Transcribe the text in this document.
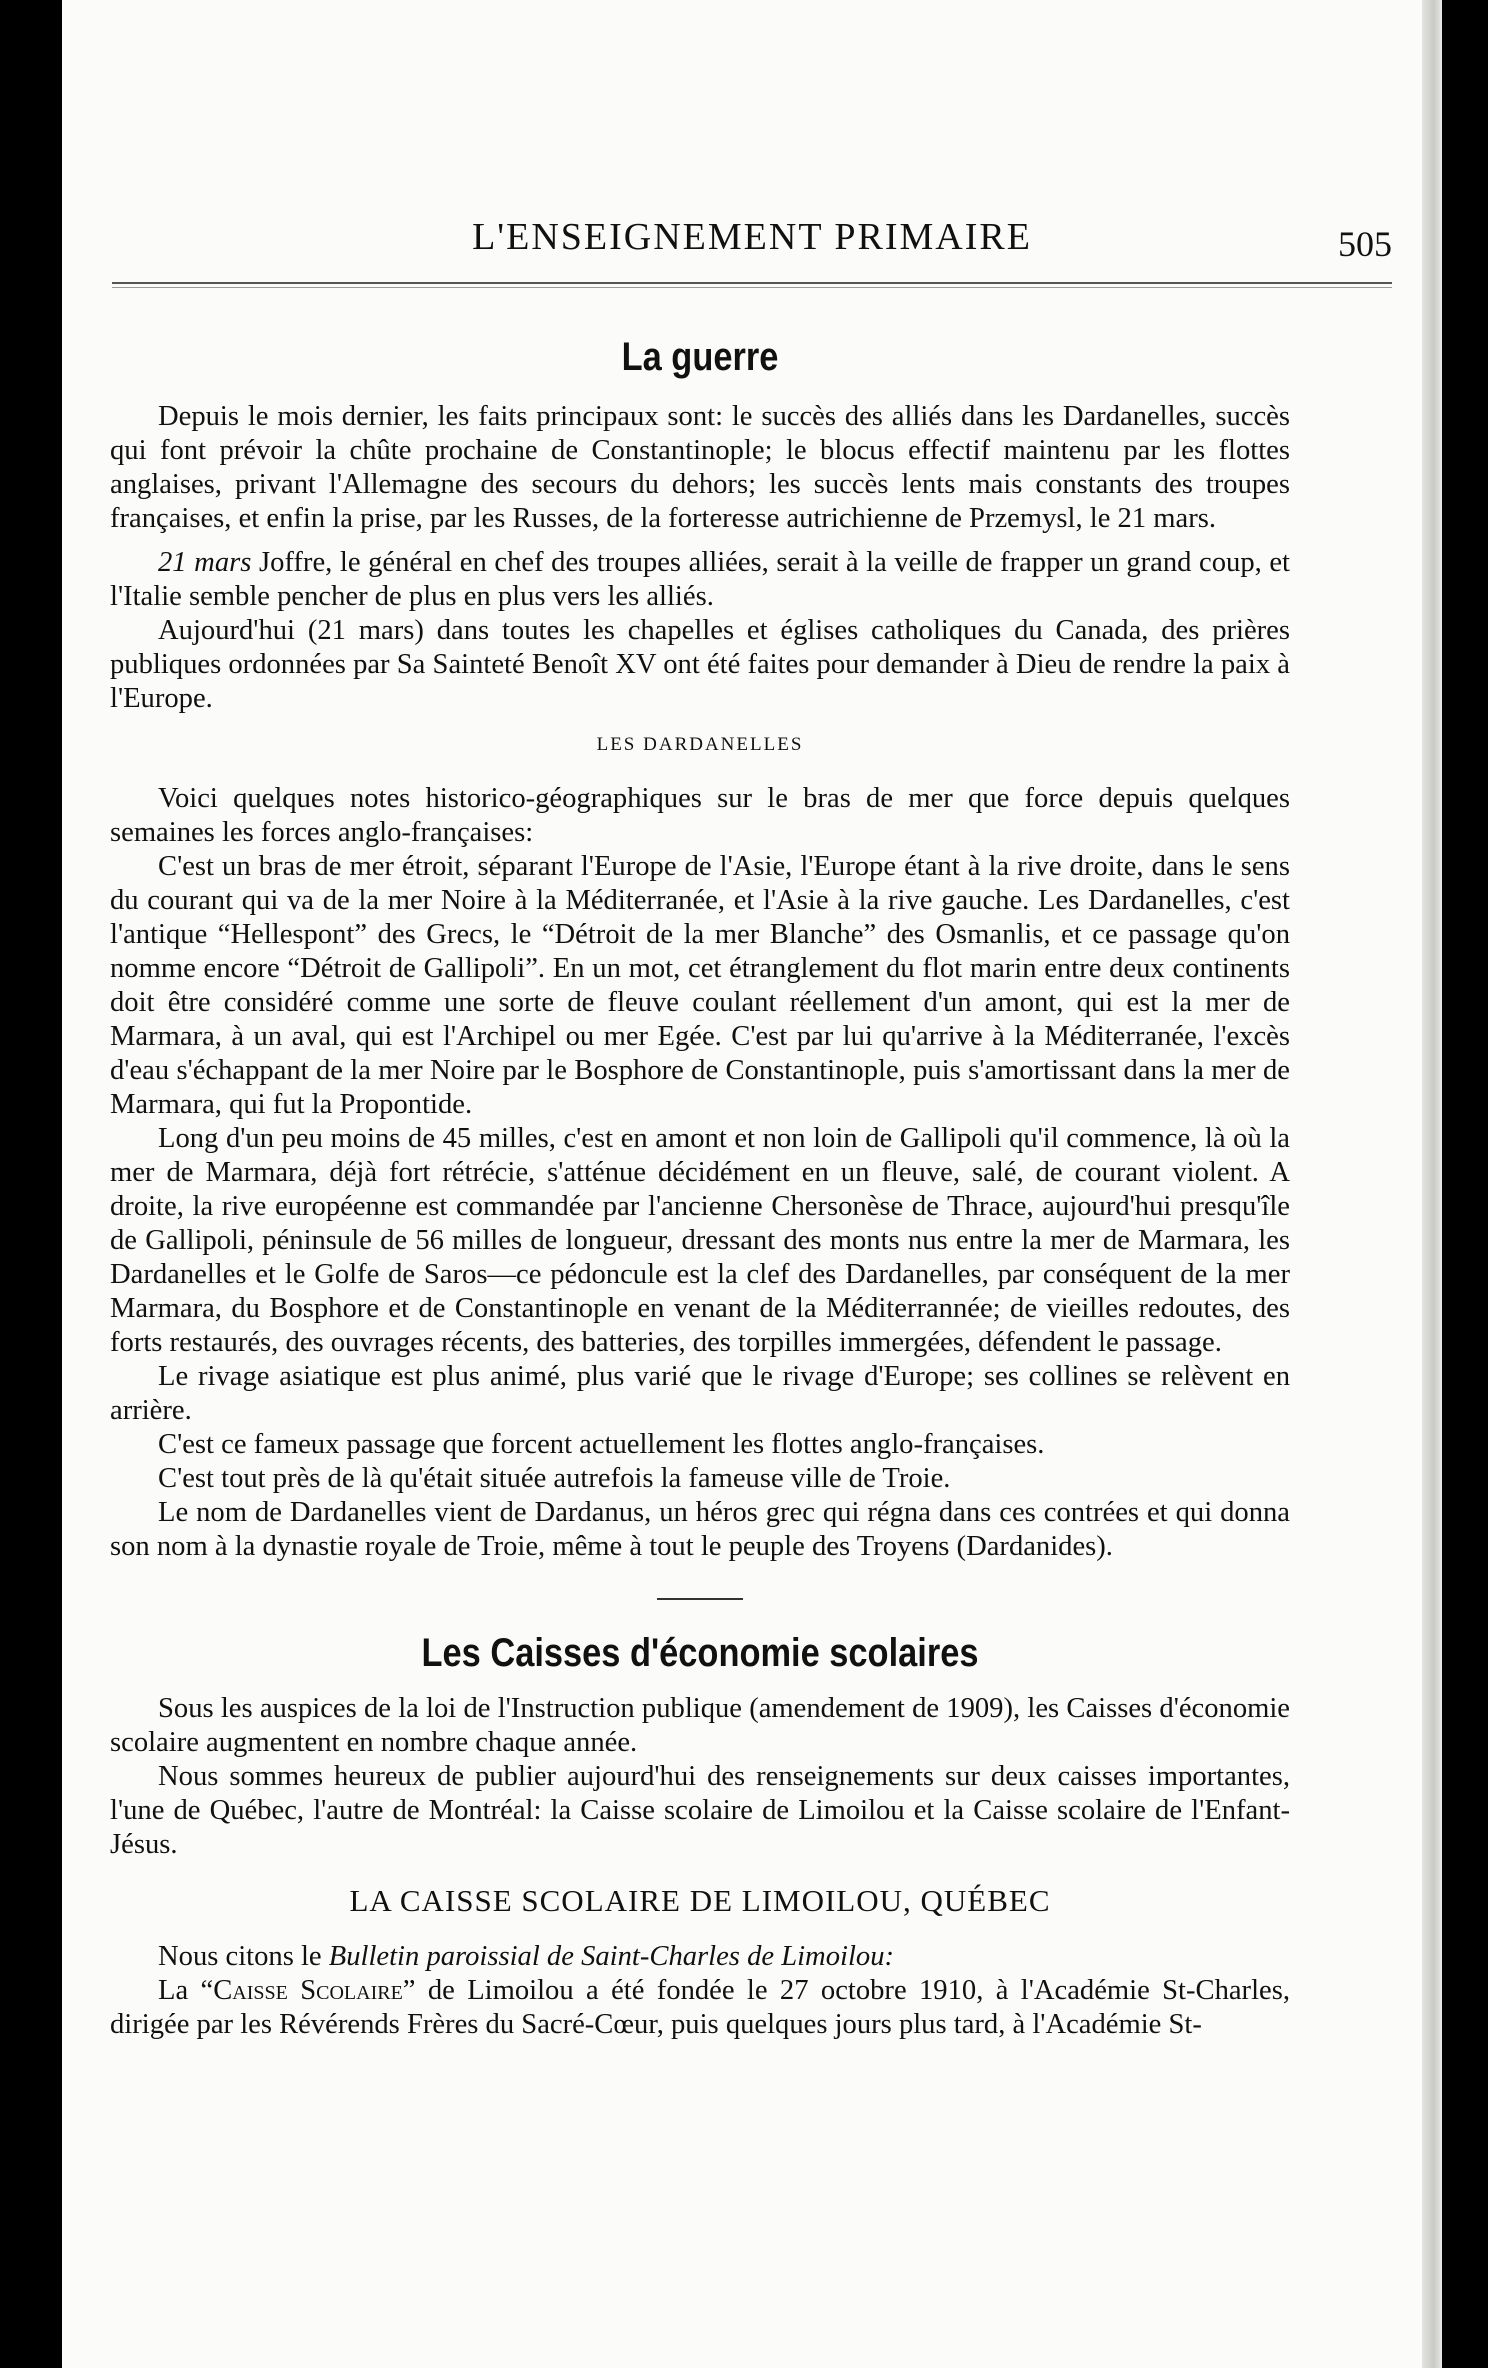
L'ENSEIGNEMENT PRIMAIRE	505
La guerre

Depuis le mois dernier, les faits principaux sont: le succès des alliés dans les Dardanelles, succès qui font prévoir la chûte prochaine de Constantinople; le blocus effectif maintenu par les flottes anglaises, privant l'Allemagne des secours du dehors; les succès lents mais constants des troupes françaises, et enfin la prise, par les Russes, de la forteresse autrichienne de Przemysl, le 21 mars.

21 mars Joffre, le général en chef des troupes alliées, serait à la veille de frapper un grand coup, et l'Italie semble pencher de plus en plus vers les alliés.

Aujourd'hui (21 mars) dans toutes les chapelles et églises catholiques du Canada, des prières publiques ordonnées par Sa Sainteté Benoît XV ont été faites pour demander à Dieu de rendre la paix à l'Europe.

LES DARDANELLES

Voici quelques notes historico-géographiques sur le bras de mer que force depuis quelques semaines les forces anglo-françaises:

C'est un bras de mer étroit, séparant l'Europe de l'Asie, l'Europe étant à la rive droite, dans le sens du courant qui va de la mer Noire à la Méditerranée, et l'Asie à la rive gauche. Les Dardanelles, c'est l'antique “Hellespont” des Grecs, le “Détroit de la mer Blanche” des Osmanlis, et ce passage qu'on nomme encore “Détroit de Gallipoli”. En un mot, cet étranglement du flot marin entre deux continents doit être considéré comme une sorte de fleuve coulant réellement d'un amont, qui est la mer de Marmara, à un aval, qui est l'Archipel ou mer Egée. C'est par lui qu'arrive à la Méditerranée, l'excès d'eau s'échappant de la mer Noire par le Bosphore de Constantinople, puis s'amortissant dans la mer de Marmara, qui fut la Propontide.

Long d'un peu moins de 45 milles, c'est en amont et non loin de Gallipoli qu'il commence, là où la mer de Marmara, déjà fort rétrécie, s'atténue décidément en un fleuve, salé, de courant violent. A droite, la rive européenne est commandée par l'ancienne Chersonèse de Thrace, aujourd'hui presqu'île de Gallipoli, péninsule de 56 milles de longueur, dressant des monts nus entre la mer de Marmara, les Dardanelles et le Golfe de Saros—ce pédoncule est la clef des Dardanelles, par conséquent de la mer Marmara, du Bosphore et de Constantinople en venant de la Méditerrannée; de vieilles redoutes, des forts restaurés, des ouvrages récents, des batteries, des torpilles immergées, défendent le passage.

Le rivage asiatique est plus animé, plus varié que le rivage d'Europe; ses collines se relèvent en arrière.

C'est ce fameux passage que forcent actuellement les flottes anglo-françaises.

C'est tout près de là qu'était située autrefois la fameuse ville de Troie.

Le nom de Dardanelles vient de Dardanus, un héros grec qui régna dans ces contrées et qui donna son nom à la dynastie royale de Troie, même à tout le peuple des Troyens (Dardanides).

Les Caisses d'économie scolaires

Sous les auspices de la loi de l'Instruction publique (amendement de 1909), les Caisses d'économie scolaire augmentent en nombre chaque année.

Nous sommes heureux de publier aujourd'hui des renseignements sur deux caisses importantes, l'une de Québec, l'autre de Montréal: la Caisse scolaire de Limoilou et la Caisse scolaire de l'Enfant-Jésus.

LA CAISSE SCOLAIRE DE LIMOILOU, QUÉBEC

Nous citons le Bulletin paroissial de Saint-Charles de Limoilou:

La “Caisse Scolaire” de Limoilou a été fondée le 27 octobre 1910, à l'Académie St-Charles, dirigée par les Révérends Frères du Sacré-Cœur, puis quelques jours plus tard, à l'Académie St-
